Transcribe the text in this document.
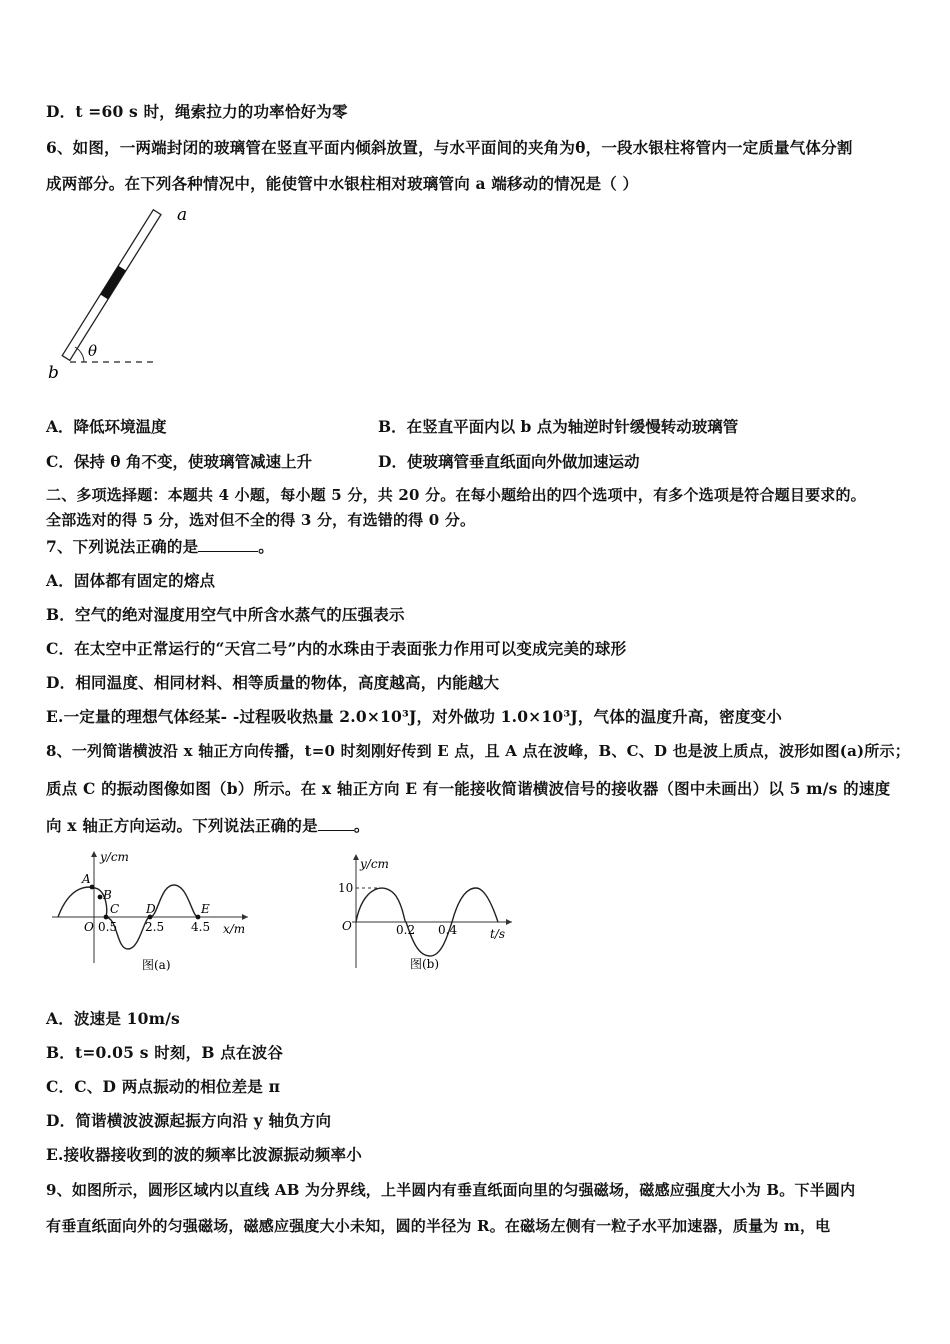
D．t =60 s 时，绳索拉力的功率恰好为零
6、如图，一两端封闭的玻璃管在竖直平面内倾斜放置，与水平面间的夹角为θ，一段水银柱将管内一定质量气体分割
成两部分。在下列各种情况中，能使管中水银柱相对玻璃管向 a 端移动的情况是（ ）
θ
a
b
A．降低环境温度	B．在竖直平面内以 b 点为轴逆时针缓慢转动玻璃管
C．保持 θ 角不变，使玻璃管减速上升	D．使玻璃管垂直纸面向外做加速运动
二、多项选择题：本题共 4 小题，每小题 5 分，共 20 分。在每小题给出的四个选项中，有多个选项是符合题目要求的。
全部选对的得 5 分，选对但不全的得 3 分，有选错的得 0 分。
7、下列说法正确的是	。
A．固体都有固定的熔点
B．空气的绝对湿度用空气中所含水蒸气的压强表示
C．在太空中正常运行的“天宫二号”内的水珠由于表面张力作用可以变成完美的球形
D．相同温度、相同材料、相等质量的物体，高度越高，内能越大
E.一定量的理想气体经某- -过程吸收热量 2.0×10³J，对外做功 1.0×10³J，气体的温度升高，密度变小
8、一列简谐横波沿 x 轴正方向传播，t=0 时刻刚好传到 E 点，且 A 点在波峰，B、C、D 也是波上质点，波形如图(a)所示；
质点 C 的振动图像如图（b）所示。在 x 轴正方向 E 有一能接收简谐横波信号的接收器（图中未画出）以 5 m/s 的速度
向 x 轴正方向运动。下列说法正确的是 。
A
B
C D	E
O 0.5 2.5 4.5
y/cm
x/m
图(a)
10
O	0.2 0.4
y/cm
t/s
图(b)
A．波速是 10m/s
B．t=0.05 s 时刻，B 点在波谷
C．C、D 两点振动的相位差是 π
D．简谐横波波源起振方向沿 y 轴负方向
E.接收器接收到的波的频率比波源振动频率小
9、如图所示，圆形区域内以直线 AB 为分界线，上半圆内有垂直纸面向里的匀强磁场，磁感应强度大小为 B。下半圆内
有垂直纸面向外的匀强磁场，磁感应强度大小未知，圆的半径为 R。在磁场左侧有一粒子水平加速器，质量为 m，电
